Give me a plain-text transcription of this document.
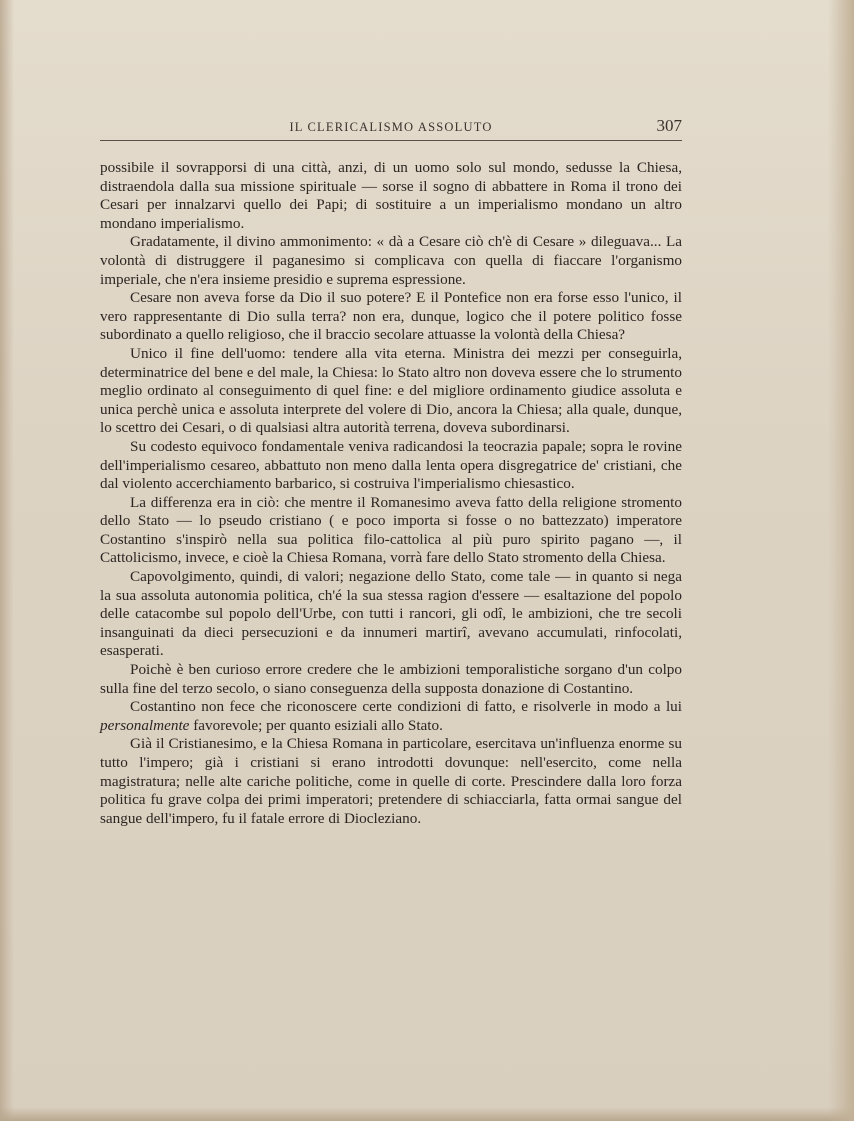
IL CLERICALISMO ASSOLUTO	307

possibile il sovrapporsi di una città, anzi, di un uomo solo sul mondo, sedusse la Chiesa, distraendola dalla sua missione spirituale — sorse il sogno di abbattere in Roma il trono dei Cesari per innalzarvi quello dei Papi; di sostituire a un imperialismo mondano un altro mondano imperialismo.

Gradatamente, il divino ammonimento: « dà a Cesare ciò ch'è di Cesare » dileguava... La volontà di distruggere il paganesimo si complicava con quella di fiaccare l'organismo imperiale, che n'era insieme presidio e suprema espressione.

Cesare non aveva forse da Dio il suo potere? E il Pontefice non era forse esso l'unico, il vero rappresentante di Dio sulla terra? non era, dunque, logico che il potere politico fosse subordinato a quello religioso, che il braccio secolare attuasse la volontà della Chiesa?

Unico il fine dell'uomo: tendere alla vita eterna. Ministra dei mezzi per conseguirla, determinatrice del bene e del male, la Chiesa: lo Stato altro non doveva essere che lo strumento meglio ordinato al conseguimento di quel fine: e del migliore ordinamento giudice assoluta e unica perchè unica e assoluta interprete del volere di Dio, ancora la Chiesa; alla quale, dunque, lo scettro dei Cesari, o di qualsiasi altra autorità terrena, doveva subordinarsi.

Su codesto equivoco fondamentale veniva radicandosi la teocrazia papale; sopra le rovine dell'imperialismo cesareo, abbattuto non meno dalla lenta opera disgregatrice de' cristiani, che dal violento accerchiamento barbarico, si costruiva l'imperialismo chiesastico.

La differenza era in ciò: che mentre il Romanesimo aveva fatto della religione stromento dello Stato — lo pseudo cristiano ( e poco importa si fosse o no battezzato) imperatore Costantino s'inspirò nella sua politica filo-cattolica al più puro spirito pagano —, il Cattolicismo, invece, e cioè la Chiesa Romana, vorrà fare dello Stato stromento della Chiesa.

Capovolgimento, quindi, di valori; negazione dello Stato, come tale — in quanto si nega la sua assoluta autonomia politica, ch'é la sua stessa ragion d'essere — esaltazione del popolo delle catacombe sul popolo dell'Urbe, con tutti i rancori, gli odî, le ambizioni, che tre secoli insanguinati da dieci persecuzioni e da innumeri martirî, avevano accumulati, rinfocolati, esasperati.

Poichè è ben curioso errore credere che le ambizioni temporalistiche sorgano d'un colpo sulla fine del terzo secolo, o siano conseguenza della supposta donazione di Costantino.

Costantino non fece che riconoscere certe condizioni di fatto, e risolverle in modo a lui personalmente favorevole; per quanto esiziali allo Stato.

Già il Cristianesimo, e la Chiesa Romana in particolare, esercitava un'influenza enorme su tutto l'impero; già i cristiani si erano introdotti dovunque: nell'esercito, come nella magistratura; nelle alte cariche politiche, come in quelle di corte. Prescindere dalla loro forza politica fu grave colpa dei primi imperatori; pretendere di schiacciarla, fatta ormai sangue del sangue dell'impero, fu il fatale errore di Diocleziano.
